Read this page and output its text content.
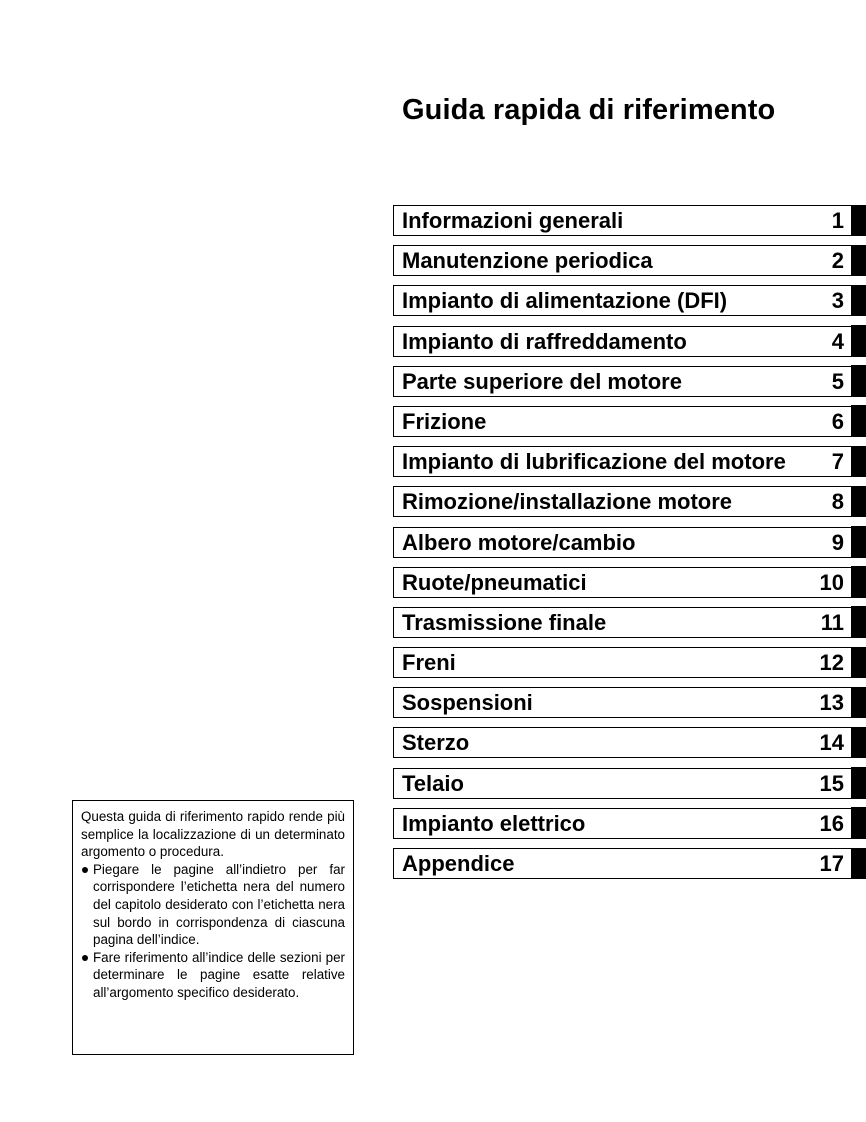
Guida rapida di riferimento
Informazioni generali	1
Manutenzione periodica	2
Impianto di alimentazione (DFI)	3
Impianto di raffreddamento	4
Parte superiore del motore	5
Frizione	6
Impianto di lubrificazione del motore 7
Rimozione/installazione motore	8
Albero motore/cambio	9
Ruote/pneumatici	10
Trasmissione finale	11
Freni	12
Sospensioni	13
Sterzo	14
Telaio	15
Impianto elettrico	16
Appendice	17

Questa guida di riferimento rapido rende più semplice la localizzazione di un determinato argomento o procedura.

Piegare le pagine all’indietro per far corrispondere l’etichetta nera del numero del capitolo desiderato con l’etichetta nera sul bordo in corrispondenza di ciascuna pagina dell’indice.
Fare riferimento all’indice delle sezioni per determinare le pagine esatte relative all’argomento specifico desiderato.
